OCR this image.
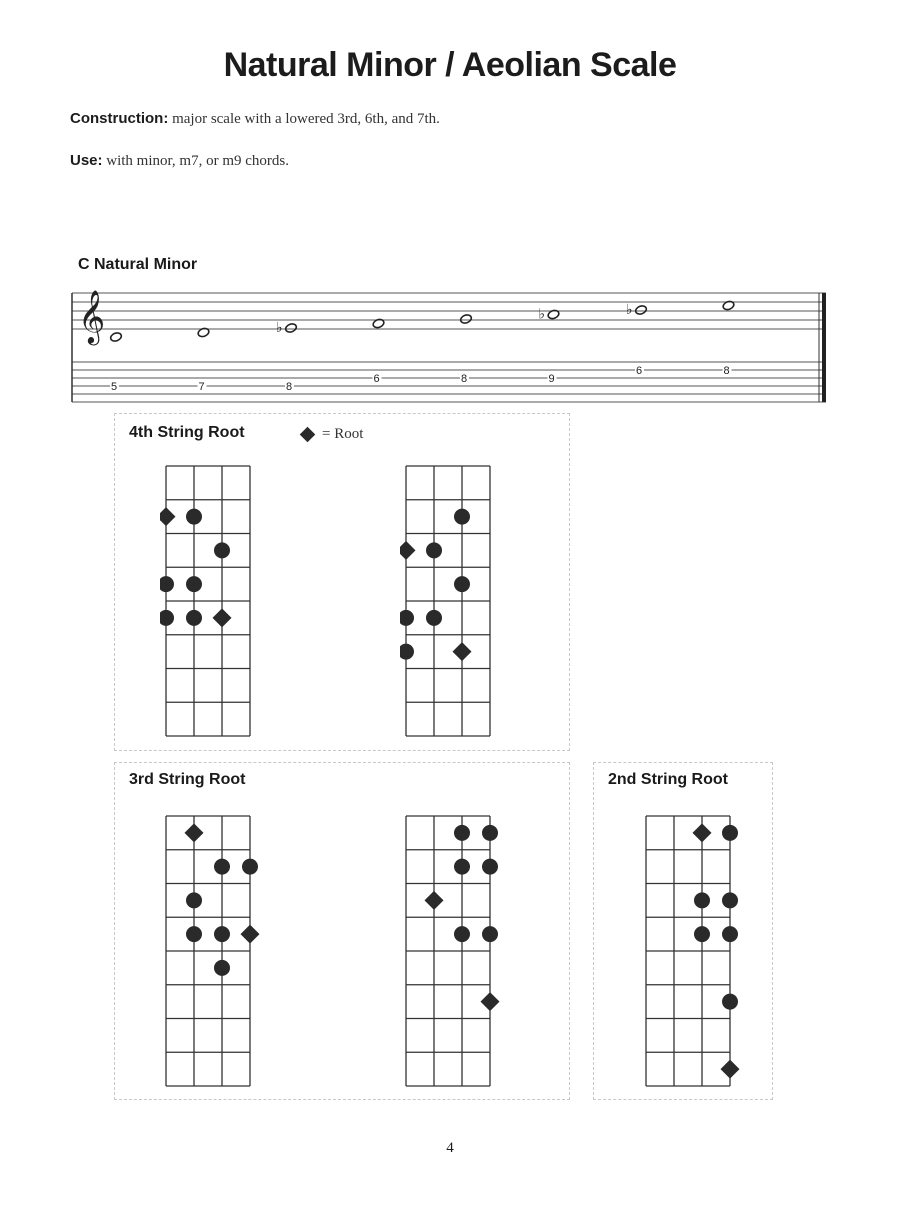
Natural Minor / Aeolian Scale
Construction: major scale with a lowered 3rd, 6th, and 7th.
Use: with minor, m7, or m9 chords.
C Natural Minor
𝄞
5	7
♭
8
6	8
♭
9
♭
6	8
4th String Root	= Root
3rd String Root	2nd String Root
4
